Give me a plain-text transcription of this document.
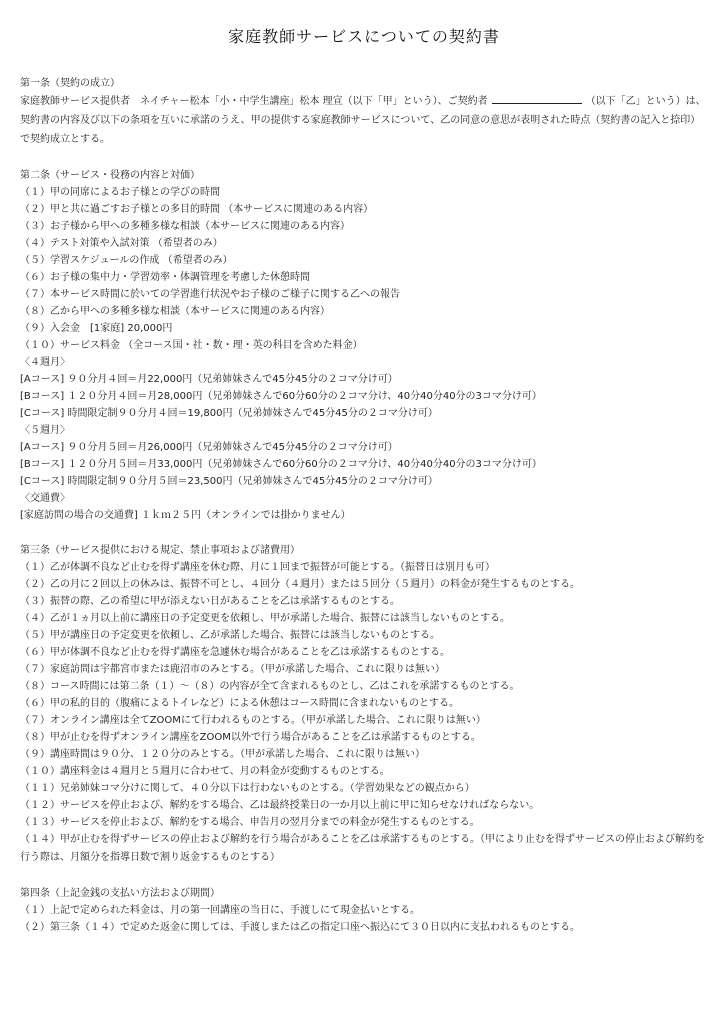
家庭教師サービスについての契約書
第一条（契約の成立）
家庭教師サービス提供者　ネイチャー松本「小・中学生講座」松本 理宣（以下「甲」という）、ご契約者	（以下「乙」という）は、契約書の内容及び以下の条項を互いに承諾のうえ、甲の提供する家庭教師サービスについて、乙の同意の意思が表明された時点（契約書の記入と捺印）で契約成立とする。
第二条（サービス・役務の内容と対価）
（１）甲の同席によるお子様との学びの時間
（２）甲と共に過ごすお子様との多目的時間 （本サービスに関連のある内容）
（３）お子様から甲への多種多様な相談（本サービスに関連のある内容）
（４）テスト対策や入試対策 （希望者のみ）
（５）学習スケジュールの作成 （希望者のみ）
（６）お子様の集中力・学習効率・体調管理を考慮した休憩時間
（７）本サービス時間に於いての学習進行状況やお子様のご様子に関する乙への報告
（８）乙から甲への多種多様な相談（本サービスに関連のある内容）
（９）入会金　[1家庭] 20,000円
（１０）サービス料金 （全コース国・社・数・理・英の科目を含めた料金）
〈４週月〉
[Aコース] ９０分月４回＝月22,000円（兄弟姉妹さんで45分45分の２コマ分け可）
[Bコース] １２０分月４回＝月28,000円（兄弟姉妹さんで60分60分の２コマ分け、40分40分40分の3コマ分け可）
[Cコース] 時間限定制９０分月４回＝19,800円（兄弟姉妹さんで45分45分の２コマ分け可）
〈５週月〉
[Aコース] ９０分月５回＝月26,000円（兄弟姉妹さんで45分45分の２コマ分け可）
[Bコース] １２０分月５回＝月33,000円（兄弟姉妹さんで60分60分の２コマ分け、40分40分40分の3コマ分け可）
[Cコース] 時間限定制９０分月５回＝23,500円（兄弟姉妹さんで45分45分の２コマ分け可）
〈交通費〉
[家庭訪問の場合の交通費] １ｋｍ２５円（オンラインでは掛かりません）
第三条（サービス提供における規定、禁止事項および諸費用）
（１）乙が体調不良など止むを得ず講座を休む際、月に１回まで振替が可能とする。（振替日は別月も可）
（２）乙の月に２回以上の休みは、振替不可とし、４回分（４週月）または５回分（５週月）の料金が発生するものとする。
（３）振替の際、乙の希望に甲が添えない日があることを乙は承諾するものとする。
（４）乙が１ヵ月以上前に講座日の予定変更を依頼し、甲が承諾した場合、振替には該当しないものとする。
（５）甲が講座日の予定変更を依頼し、乙が承諾した場合、振替には該当しないものとする。
（６）甲が体調不良など止むを得ず講座を急遽休む場合があることを乙は承諾するものとする。
（７）家庭訪問は宇都宮市または鹿沼市のみとする。（甲が承諾した場合、これに限りは無い）
（８）コース時間には第二条（１）～（８）の内容が全て含まれるものとし、乙はこれを承諾するものとする。
（６）甲の私的目的（腹痛によるトイレなど）による休憩はコース時間に含まれないものとする。
（７）オンライン講座は全てZOOMにて行われるものとする。（甲が承諾した場合、これに限りは無い）
（８）甲が止むを得ずオンライン講座をZOOM以外で行う場合があることを乙は承諾するものとする。
（９）講座時間は９０分、１２０分のみとする。（甲が承諾した場合、これに限りは無い）
（１０）講座料金は４週月と５週月に合わせて、月の料金が変動するものとする。
（１１）兄弟姉妹コマ分けに関して、４０分以下は行わないものとする。（学習効果などの観点から）
（１２）サービスを停止および、解約をする場合、乙は最終授業日の一か月以上前に甲に知らせなければならない。
（１３）サービスを停止および、解約をする場合、申告月の翌月分までの料金が発生するものとする。
（１４）甲が止むを得ずサービスの停止および解約を行う場合があることを乙は承諾するものとする。（甲により止むを得ずサービスの停止および解約を行う際は、月額分を指導日数で割り返金するものとする）
第四条（上記金銭の支払い方法および期間）
（１）上記で定められた料金は、月の第一回講座の当日に、手渡しにて現金払いとする。
（２）第三条（１４）で定めた返金に関しては、手渡しまたは乙の指定口座へ振込にて３０日以内に支払われるものとする。
